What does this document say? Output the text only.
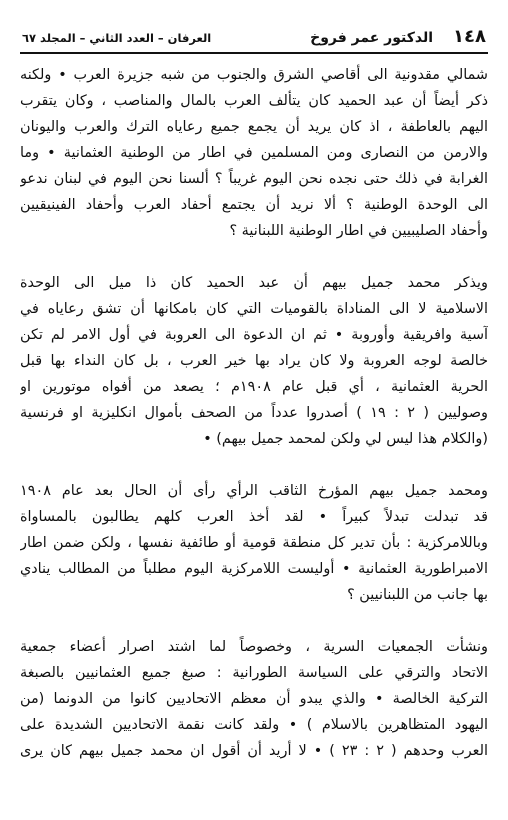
١٤٨
الدكتور عمر فروخ
العرفان – العدد الثاني – المجلد ٦٧

شمالي مقدونية الى أقاصي الشرق والجنوب من شبه جزيرة العرب • ولكنه
ذكر أيضاً أن عبد الحميد كان يتألف العرب بالمال والمناصب ، وكان يتقرب
اليهم بالعاطفة ، اذ كان يريد أن يجمع جميع رعاياه الترك والعرب واليونان
والارمن من النصارى ومن المسلمين في اطار من الوطنية العثمانية • وما
الغرابة في ذلك حتى نجده نحن اليوم غريباً ؟ ألسنا نحن اليوم في لبنان ندعو
الى الوحدة الوطنية ؟ ألا نريد أن يجتمع أحفاد العرب وأحفاد الفينيقيين
وأحفاد الصليبيين في اطار الوطنية اللبنانية ؟

ويذكر محمد جميل بيهم أن عبد الحميد كان ذا ميل الى الوحدة
الاسلامية لا الى المناداة بالقوميات التي كان بامكانها أن تشق رعاياه في
آسية وافريقية وأوروبة • ثم ان الدعوة الى العروبة في أول الامر لم تكن
خالصة لوجه العروبة ولا كان يراد بها خير العرب ، بل كان النداء بها قبل
الحرية العثمانية ، أي قبل عام ١٩٠٨م ؛ يصعد من أفواه موتورين او
وصوليين ( ٢ : ١٩ ) أصدروا عدداً من الصحف بأموال انكليزية او فرنسية
(والكلام هذا ليس لي ولكن لمحمد جميل بيهم) •

ومحمد جميل بيهم المؤرخ الثاقب الرأي رأى أن الحال بعد عام ١٩٠٨
قد تبدلت تبدلاً كبيراً • لقد أخذ العرب كلهم يطالبون بالمساواة
وباللامركزية : بأن تدير كل منطقة قومية أو طائفية نفسها ، ولكن ضمن اطار
الامبراطورية العثمانية • أوليست اللامركزية اليوم مطلباً من المطالب ينادي
بها جانب من اللبنانيين ؟

ونشأت الجمعيات السرية ، وخصوصاً لما اشتد اصرار أعضاء جمعية
الاتحاد والترقي على السياسة الطورانية : صبغ جميع العثمانيين بالصبغة
التركية الخالصة • والذي يبدو أن معظم الاتحاديين كانوا من الدونما (من
اليهود المتظاهرين بالاسلام ) • ولقد كانت نقمة الاتحاديين الشديدة على
العرب وحدهم ( ٢ : ٢٣ ) • لا أريد أن أقول ان محمد جميل بيهم كان يرى
